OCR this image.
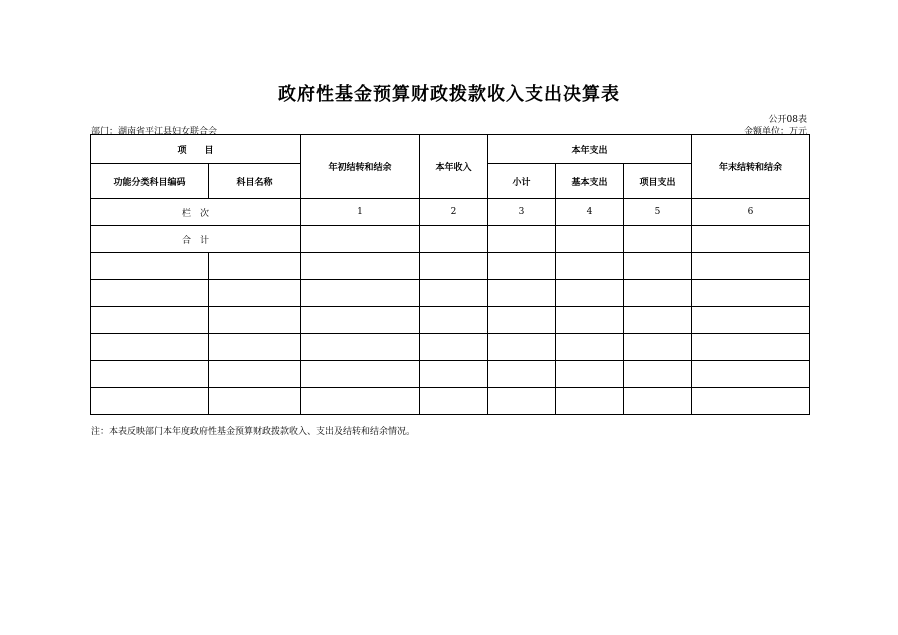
政府性基金预算财政拨款收入支出决算表
公开08表
部门：湖南省平江县妇女联合会	金额单位：万元
项　　目		年初结转和结余	本年收入	本年支出			年末结转和结余
功能分类科目编码	科目名称			小计	基本支出	项目支出	
栏　次		1	2	3	4	5	6
合　计							

注：本表反映部门本年度政府性基金预算财政拨款收入、支出及结转和结余情况。
